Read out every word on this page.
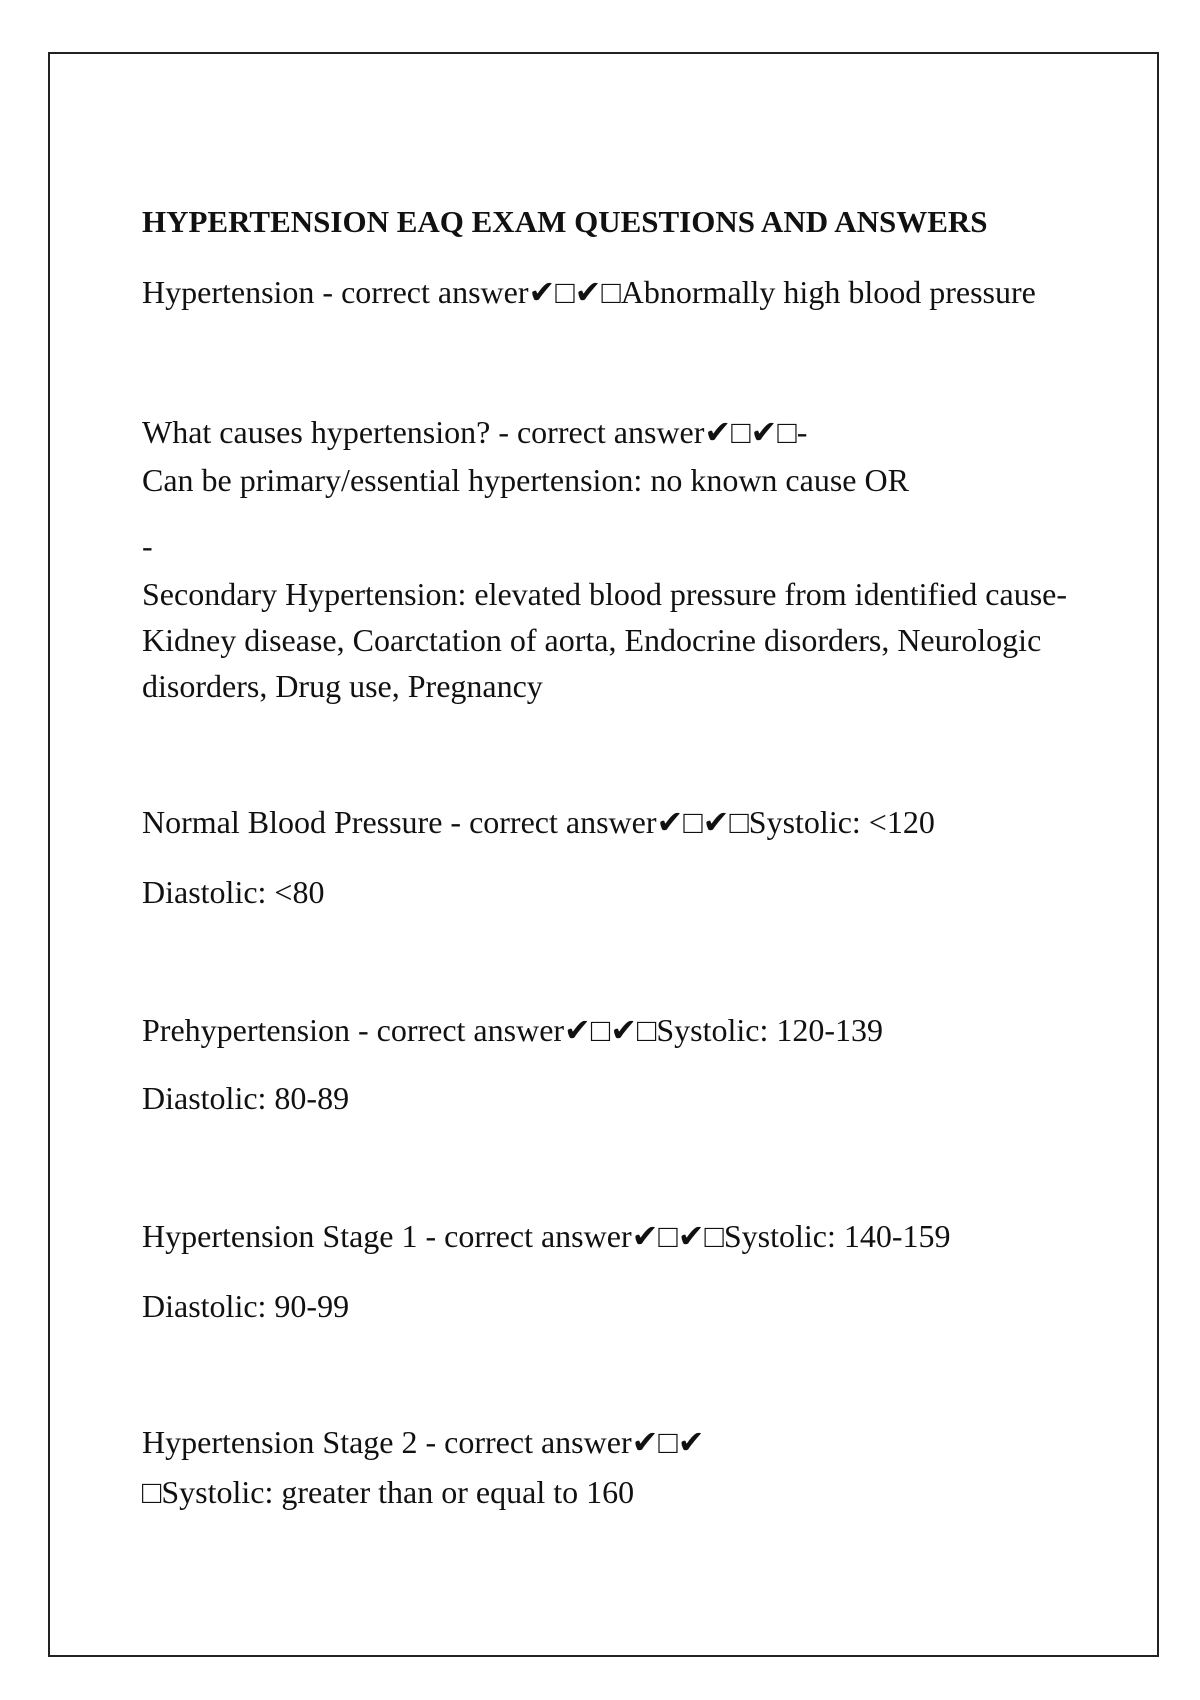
HYPERTENSION EAQ EXAM QUESTIONS AND ANSWERS
Hypertension - correct answer✔□✔□Abnormally high blood pressure
What causes hypertension? - correct answer✔□✔□-
Can be primary/essential hypertension: no known cause OR
-
Secondary Hypertension: elevated blood pressure from identified cause-
Kidney disease, Coarctation of aorta, Endocrine disorders, Neurologic
disorders, Drug use, Pregnancy
Normal Blood Pressure - correct answer✔□✔□Systolic: <120
Diastolic: <80
Prehypertension - correct answer✔□✔□Systolic: 120-139
Diastolic: 80-89
Hypertension Stage 1 - correct answer✔□✔□Systolic: 140-159
Diastolic: 90-99
Hypertension Stage 2 - correct answer✔□✔
□Systolic: greater than or equal to 160
